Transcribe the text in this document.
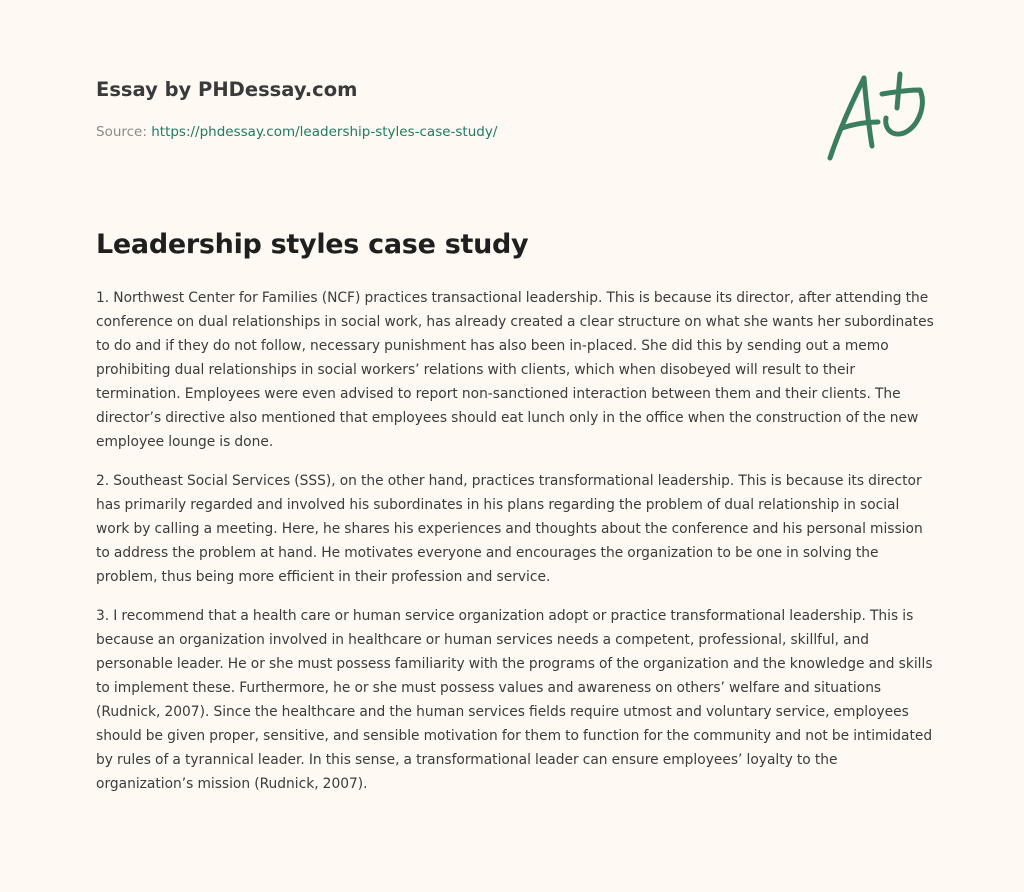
Essay by PHDessay.com
Source: https://phdessay.com/leadership-styles-case-study/
Leadership styles case study

1. Northwest Center for Families (NCF) practices transactional leadership. This is because its director, after attending the conference on dual relationships in social work, has already created a clear structure on what she wants her subordinates to do and if they do not follow, necessary punishment has also been in-placed. She did this by sending out a memo prohibiting dual relationships in social workers’ relations with clients, which when disobeyed will result to their termination. Employees were even advised to report non-sanctioned interaction between them and their clients. The director’s directive also mentioned that employees should eat lunch only in the office when the construction of the new employee lounge is done.

2. Southeast Social Services (SSS), on the other hand, practices transformational leadership. This is because its director has primarily regarded and involved his subordinates in his plans regarding the problem of dual relationship in social work by calling a meeting. Here, he shares his experiences and thoughts about the conference and his personal mission to address the problem at hand. He motivates everyone and encourages the organization to be one in solving the problem, thus being more efficient in their profession and service.

3. I recommend that a health care or human service organization adopt or practice transformational leadership. This is because an organization involved in healthcare or human services needs a competent, professional, skillful, and personable leader. He or she must possess familiarity with the programs of the organization and the knowledge and skills to implement these. Furthermore, he or she must possess values and awareness on others’ welfare and situations (Rudnick, 2007). Since the healthcare and the human services fields require utmost and voluntary service, employees should be given proper, sensitive, and sensible motivation for them to function for the community and not be intimidated by rules of a tyrannical leader. In this sense, a transformational leader can ensure employees’ loyalty to the organization’s mission (Rudnick, 2007).
